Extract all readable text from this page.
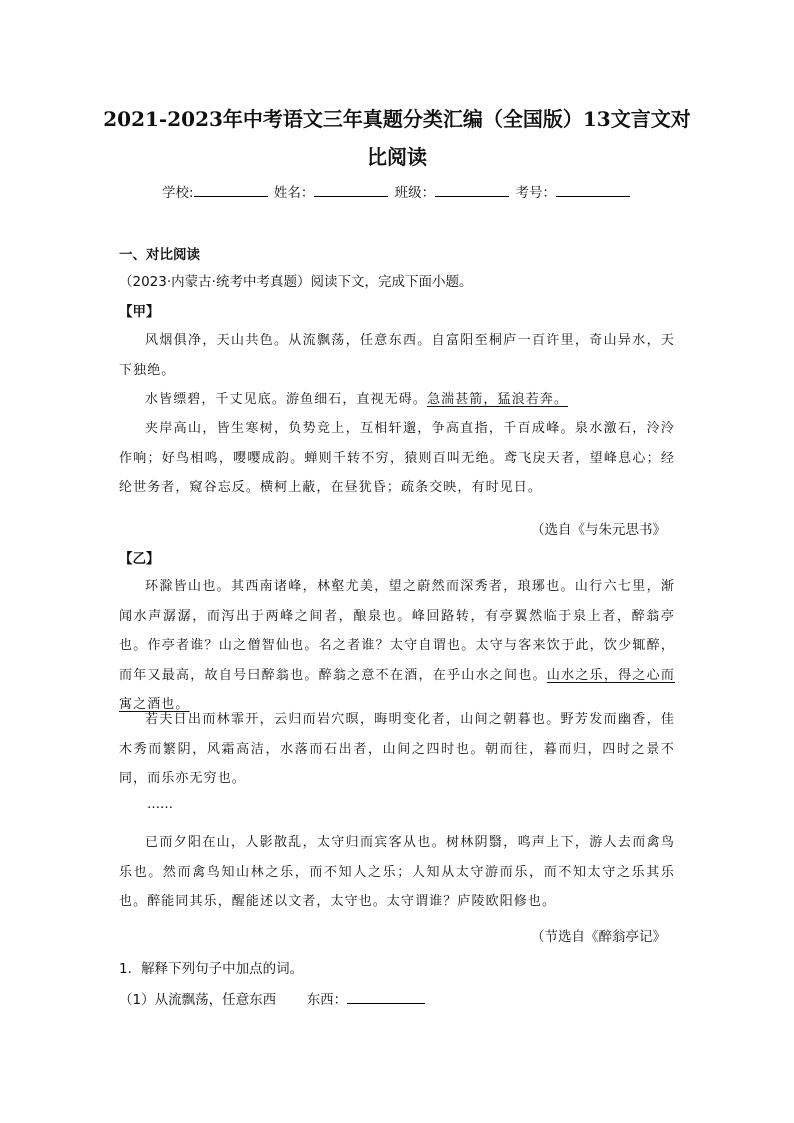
2021-2023年中考语文三年真题分类汇编（全国版）13文言文对比阅读
学校:	姓名：	班级：	考号：
一、对比阅读
（2023·内蒙古·统考中考真题）阅读下文，完成下面小题。
【甲】
风烟俱净，天山共色。从流飘荡，任意东西。自富阳至桐庐一百许里，奇山异水，天下独绝。
水皆缥碧，千丈见底。游鱼细石，直视无碍。急湍甚箭，猛浪若奔。
夹岸高山，皆生寒树，负势竞上，互相轩邈，争高直指，千百成峰。泉水激石，泠泠作响；好鸟相鸣，嘤嘤成韵。蝉则千转不穷，猿则百叫无绝。鸢飞戾天者，望峰息心；经纶世务者，窥谷忘反。横柯上蔽，在昼犹昏；疏条交映，有时见日。
（选自《与朱元思书》
【乙】
环滁皆山也。其西南诸峰，林壑尤美，望之蔚然而深秀者，琅琊也。山行六七里，渐闻水声潺潺，而泻出于两峰之间者，酿泉也。峰回路转，有亭翼然临于泉上者，醉翁亭也。作亭者谁？山之僧智仙也。名之者谁？太守自谓也。太守与客来饮于此，饮少辄醉，而年又最高，故自号曰醉翁也。醉翁之意不在酒，在乎山水之间也。山水之乐，得之心而寓之酒也。
若夫日出而林霏开，云归而岩穴暝，晦明变化者，山间之朝暮也。野芳发而幽香，佳木秀而繁阴，风霜高洁，水落而石出者，山间之四时也。朝而往，暮而归，四时之景不同，而乐亦无穷也。
……
已而夕阳在山，人影散乱，太守归而宾客从也。树林阴翳，鸣声上下，游人去而禽鸟乐也。然而禽鸟知山林之乐，而不知人之乐；人知从太守游而乐，而不知太守之乐其乐也。醉能同其乐，醒能述以文者，太守也。太守谓谁？庐陵欧阳修也。
（节选自《醉翁亭记》
1．解释下列句子中加点的词。
（1）从流飘荡，任意东西 东西：
